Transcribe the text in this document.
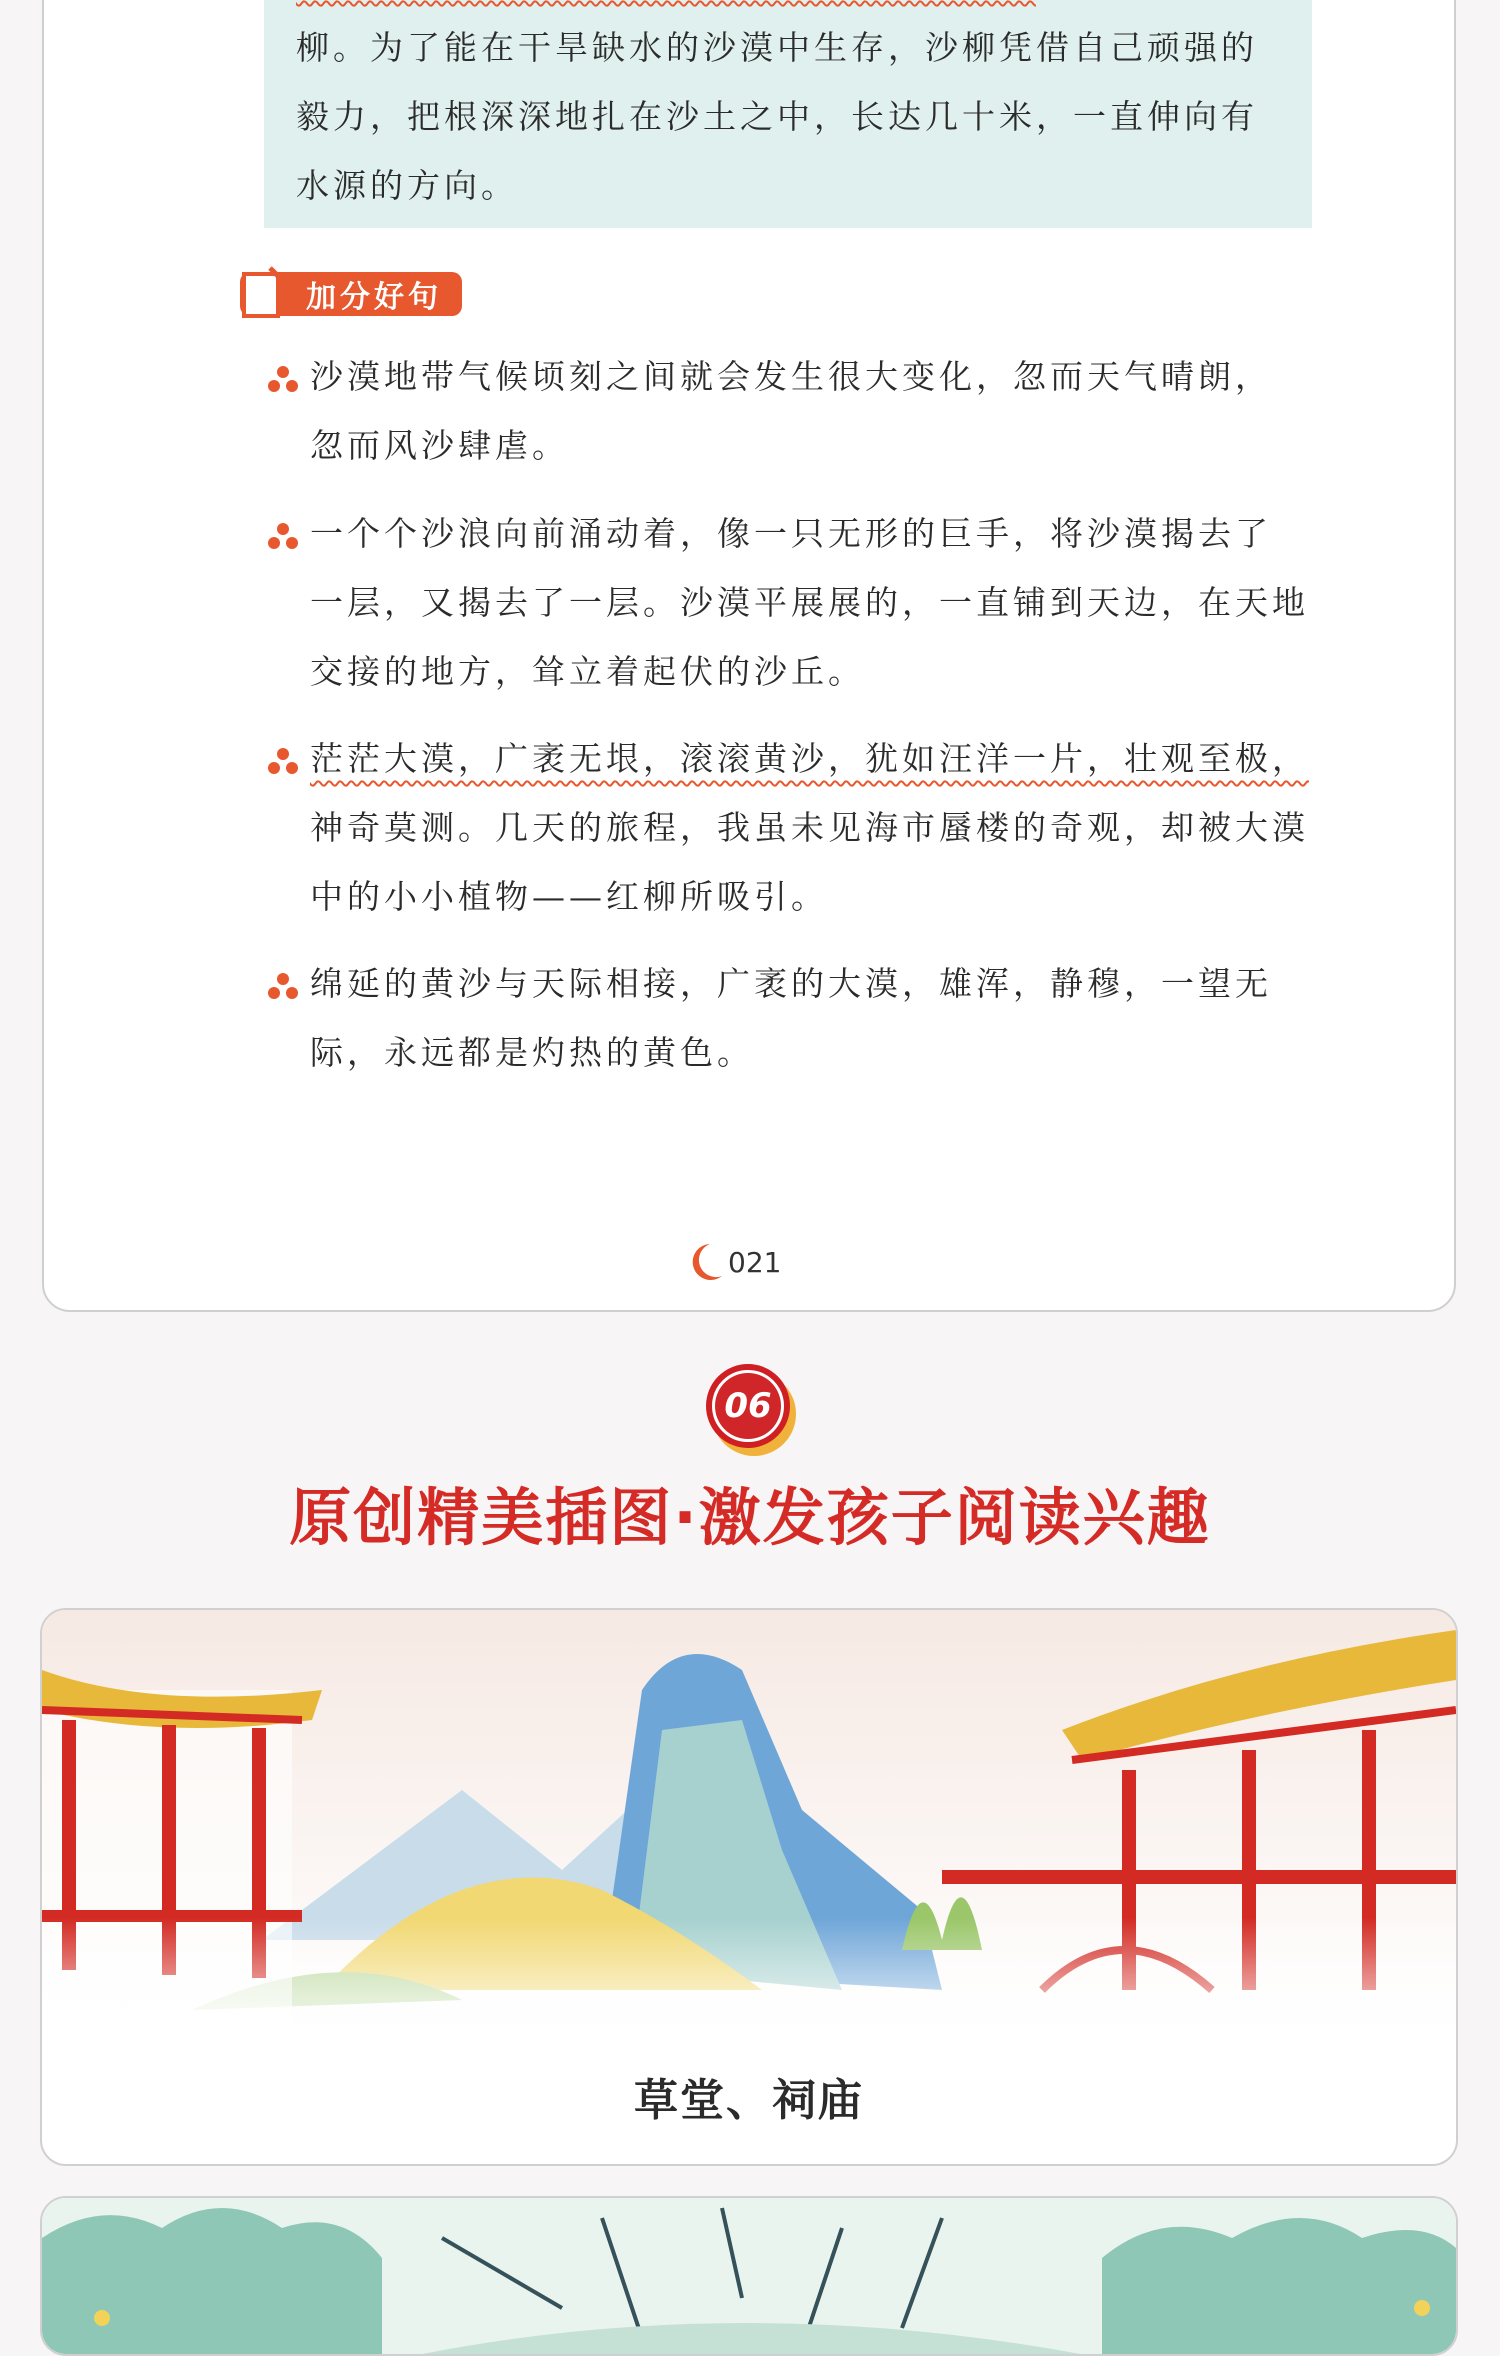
柳。为了能在干旱缺水的沙漠中生存，沙柳凭借自己顽强的
毅力，把根深深地扎在沙土之中，长达几十米，一直伸向有
水源的方向。
加分好句
沙漠地带气候顷刻之间就会发生很大变化，忽而天气晴朗，
忽而风沙肆虐。
一个个沙浪向前涌动着，像一只无形的巨手，将沙漠揭去了
一层，又揭去了一层。沙漠平展展的，一直铺到天边，在天地
交接的地方，耸立着起伏的沙丘。
茫茫大漠，广袤无垠，滚滚黄沙，犹如汪洋一片，壮观至极，
神奇莫测。几天的旅程，我虽未见海市蜃楼的奇观，却被大漠
中的小小植物——红柳所吸引。
绵延的黄沙与天际相接，广袤的大漠，雄浑，静穆，一望无
际，永远都是灼热的黄色。
021
06
原创精美插图·激发孩子阅读兴趣
草堂、祠庙
